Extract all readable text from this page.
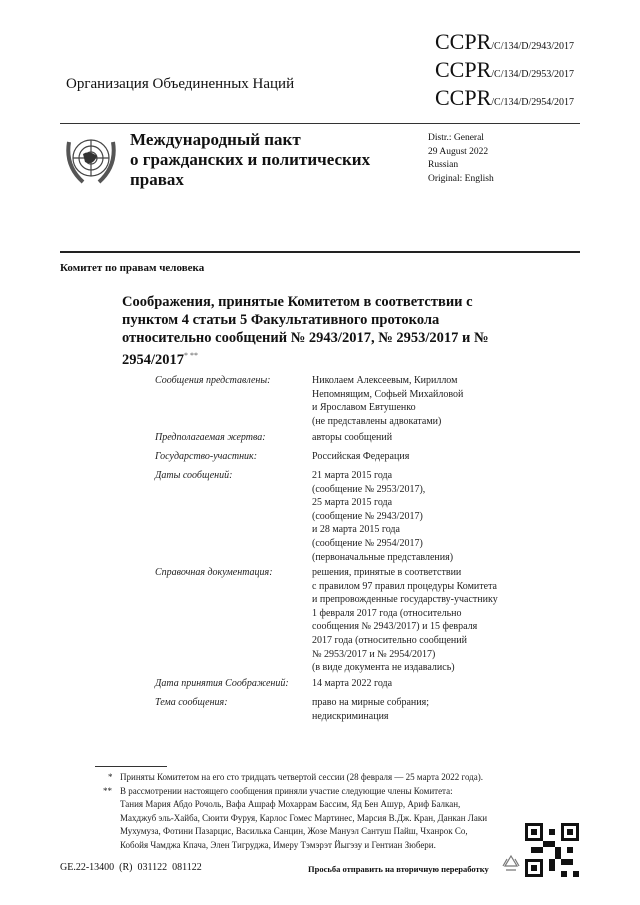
Организация Объединенных Наций
CCPR/C/134/D/2943/2017
CCPR/C/134/D/2953/2017
CCPR/C/134/D/2954/2017
Международный пакт
о гражданских и политических
правах
Distr.: General
29 August 2022
Russian
Original: English
Комитет по правам человека
Соображения, принятые Комитетом в соответствии с пунктом 4 статьи 5 Факультативного протокола относительно сообщений № 2943/2017, № 2953/2017 и № 2954/2017* **
Сообщения представлены:	Николаем Алексеевым, Кириллом
Непомнящим, Софьей Михайловой
и Ярославом Евтушенко
(не представлены адвокатами)
Предполагаемая жертва:	авторы сообщений
Государство-участник:	Российская Федерация
Даты сообщений:	21 марта 2015 года
(сообщение № 2953/2017),
25 марта 2015 года
(сообщение № 2943/2017)
и 28 марта 2015 года
(сообщение № 2954/2017)
(первоначальные представления)
Справочная документация:	решения, принятые в соответствии
с правилом 97 правил процедуры Комитета
и препровожденные государству-участнику
1 февраля 2017 года (относительно
сообщения № 2943/2017) и 15 февраля
2017 года (относительно сообщений
№ 2953/2017 и № 2954/2017)
(в виде документа не издавались)
Дата принятия Соображений: 14 марта 2022 года
Тема сообщения:	право на мирные собрания;
недискриминация
* Приняты Комитетом на его сто тридцать четвертой сессии (28 февраля — 25 марта 2022 года).
** В рассмотрении настоящего сообщения приняли участие следующие члены Комитета:
Тания Мария Абдо Рочоль, Вафа Ашраф Мохаррам Бассим, Яд Бен Ашур, Ариф Балкан,
Махджуб эль-Хайба, Сюити Фуруя, Карлос Гомес Мартинес, Марсия В.Дж. Кран, Данкан Лаки
Мухумуза, Фотини Пазарцис, Василька Санцин, Жозе Мануэл Сантуш Пайш, Чханрок Со,
Кобойя Чамджа Кпача, Элен Тигруджа, Имеру Тэмэрэт Йыгэзу и Гентиан Зюбери.
GE.22-13400  (R)  031122  081122	Просьба отправить на вторичную переработку
